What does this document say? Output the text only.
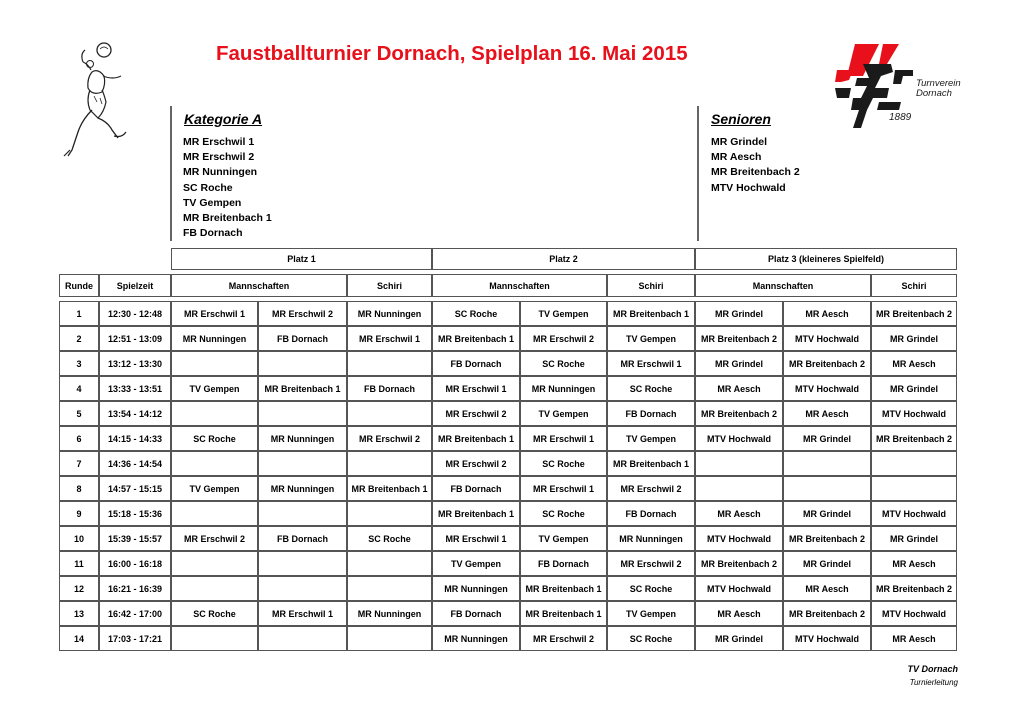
Faustballturnier Dornach, Spielplan 16. Mai 2015
Turnverein
Dornach
1889
Kategorie A
MR Erschwil 1
MR Erschwil 2
MR Nunningen
SC Roche
TV Gempen
MR Breitenbach 1
FB Dornach
Senioren
MR Grindel
MR Aesch
MR Breitenbach 2
MTV Hochwald
		Platz 1			Platz 2			Platz 3 (kleineres Spielfeld)		

Runde	Spielzeit	Mannschaften		Schiri	Mannschaften		Schiri	Mannschaften		Schiri

1	12:30 - 12:48	MR Erschwil 1	MR Erschwil 2	MR Nunningen	SC Roche	TV Gempen	MR Breitenbach 1	MR Grindel	MR Aesch	MR Breitenbach 2
2	12:51 - 13:09	MR Nunningen	FB Dornach	MR Erschwil 1	MR Breitenbach 1	MR Erschwil 2	TV Gempen	MR Breitenbach 2	MTV Hochwald	MR Grindel
3	13:12 - 13:30				FB Dornach	SC Roche	MR Erschwil 1	MR Grindel	MR Breitenbach 2	MR Aesch
4	13:33 - 13:51	TV Gempen	MR Breitenbach 1	FB Dornach	MR Erschwil 1	MR Nunningen	SC Roche	MR Aesch	MTV Hochwald	MR Grindel
5	13:54 - 14:12				MR Erschwil 2	TV Gempen	FB Dornach	MR Breitenbach 2	MR Aesch	MTV Hochwald
6	14:15 - 14:33	SC Roche	MR Nunningen	MR Erschwil 2	MR Breitenbach 1	MR Erschwil 1	TV Gempen	MTV Hochwald	MR Grindel	MR Breitenbach 2
7	14:36 - 14:54				MR Erschwil 2	SC Roche	MR Breitenbach 1			
8	14:57 - 15:15	TV Gempen	MR Nunningen	MR Breitenbach 1	FB Dornach	MR Erschwil 1	MR Erschwil 2			
9	15:18 - 15:36				MR Breitenbach 1	SC Roche	FB Dornach	MR Aesch	MR Grindel	MTV Hochwald
10	15:39 - 15:57	MR Erschwil 2	FB Dornach	SC Roche	MR Erschwil 1	TV Gempen	MR Nunningen	MTV Hochwald	MR Breitenbach 2	MR Grindel
11	16:00 - 16:18				TV Gempen	FB Dornach	MR Erschwil 2	MR Breitenbach 2	MR Grindel	MR Aesch
12	16:21 - 16:39				MR Nunningen	MR Breitenbach 1	SC Roche	MTV Hochwald	MR Aesch	MR Breitenbach 2
13	16:42 - 17:00	SC Roche	MR Erschwil 1	MR Nunningen	FB Dornach	MR Breitenbach 1	TV Gempen	MR Aesch	MR Breitenbach 2	MTV Hochwald
14	17:03 - 17:21				MR Nunningen	MR Erschwil 2	SC Roche	MR Grindel	MTV Hochwald	MR Aesch
TV Dornach
Turnierleitung
